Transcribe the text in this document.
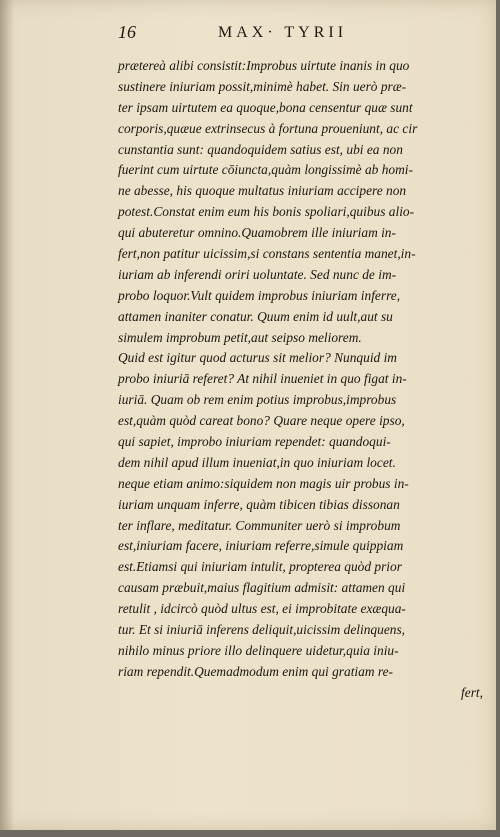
16	MAX· TYRII
prætereà alibi consistit:Improbus uirtute inanis in quo
sustinere iniuriam possit,minimè habet. Sin uerò præ-
ter ipsam uirtutem ea quoque,bona censentur quæ sunt
corporis,quæue extrinsecus à fortuna proueniunt, ac cir
cunstantia sunt: quandoquidem satius est, ubi ea non
fuerint cum uirtute cōiuncta,quàm longissimè ab homi-
ne abesse, his quoque multatus iniuriam accipere non
potest.Constat enim eum his bonis spoliari,quibus alio-
qui abuteretur omnino.Quamobrem ille iniuriam in-
fert,non patitur uicissim,si constans sententia manet,in-
iuriam ab inferendi oriri uoluntate. Sed nunc de im-
probo loquor.Vult quidem improbus iniuriam inferre,
attamen inaniter conatur. Quum enim id uult,aut su
simulem improbum petit,aut seipso meliorem.
Quid est igitur quod acturus sit melior? Nunquid im
probo iniuriā referet? At nihil inueniet in quo figat in-
iuriā. Quam ob rem enim potius improbus,improbus
est,quàm quòd careat bono? Quare neque opere ipso,
qui sapiet, improbo iniuriam rependet: quandoqui-
dem nihil apud illum inueniat,in quo iniuriam locet.
neque etiam animo:siquidem non magis uir probus in-
iuriam unquam inferre, quàm tibicen tibias dissonan
ter inflare, meditatur. Communiter uerò si improbum
est,iniuriam facere, iniuriam referre,simule quippiam
est.Etiamsi qui iniuriam intulit, propterea quòd prior
causam præbuit,maius flagitium admisit: attamen qui
retulit , idcircò quòd ultus est, ei improbitate exæqua-
tur. Et si iniuriā inferens deliquit,uicissim delinquens,
nihilo minus priore illo delinquere uidetur,quia iniu-
riam rependit.Quemadmodum enim qui gratiam re-
fert,
